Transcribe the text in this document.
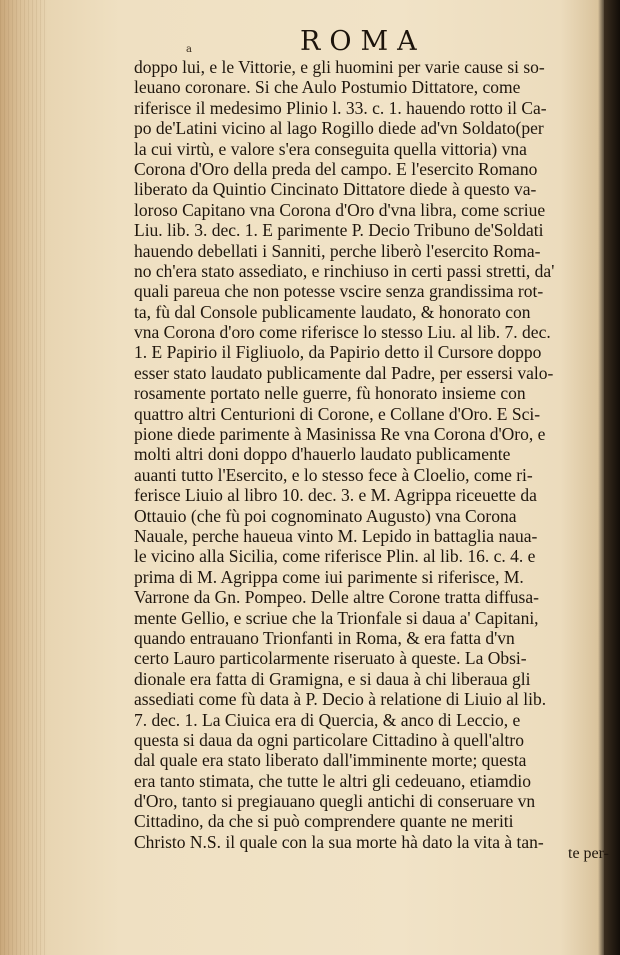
ROMA
a
doppo lui, e le Vittorie, e gli huomini per varie cause si so-
leuano coronare. Si che Aulo Postumio Dittatore, come
riferisce il medesimo Plinio l. 33. c. 1. hauendo rotto il Ca-
po de'Latini vicino al lago Rogillo diede ad'vn Soldato(per
la cui virtù, e valore s'era conseguita quella vittoria) vna
Corona d'Oro della preda del campo. E l'esercito Romano
liberato da Quintio Cincinato Dittatore diede à questo va-
loroso Capitano vna Corona d'Oro d'vna libra, come scriue
Liu. lib. 3. dec. 1. E parimente P. Decio Tribuno de'Soldati
hauendo debellati i Sanniti, perche liberò l'esercito Roma-
no ch'era stato assediato, e rinchiuso in certi passi stretti, da'
quali pareua che non potesse vscire senza grandissima rot-
ta, fù dal Console publicamente laudato, & honorato con
vna Corona d'oro come riferisce lo stesso Liu. al lib. 7. dec.
1. E Papirio il Figliuolo, da Papirio detto il Cursore doppo
esser stato laudato publicamente dal Padre, per essersi valo-
rosamente portato nelle guerre, fù honorato insieme con
quattro altri Centurioni di Corone, e Collane d'Oro. E Sci-
pione diede parimente à Masinissa Re vna Corona d'Oro, e
molti altri doni doppo d'hauerlo laudato publicamente
auanti tutto l'Esercito, e lo stesso fece à Cloelio, come ri-
ferisce Liuio al libro 10. dec. 3. e M. Agrippa riceuette da
Ottauio (che fù poi cognominato Augusto) vna Corona
Nauale, perche haueua vinto M. Lepido in battaglia naua-
le vicino alla Sicilia, come riferisce Plin. al lib. 16. c. 4. e
prima di M. Agrippa come iui parimente si riferisce, M.
Varrone da Gn. Pompeo. Delle altre Corone tratta diffusa-
mente Gellio, e scriue che la Trionfale si daua a' Capitani,
quando entrauano Trionfanti in Roma, & era fatta d'vn
certo Lauro particolarmente riseruato à queste. La Obsi-
dionale era fatta di Gramigna, e si daua à chi liberaua gli
assediati come fù data à P. Decio à relatione di Liuio al lib.
7. dec. 1. La Ciuica era di Quercia, & anco di Leccio, e
questa si daua da ogni particolare Cittadino à quell'altro
dal quale era stato liberato dall'imminente morte; questa
era tanto stimata, che tutte le altri gli cedeuano, etiamdio
d'Oro, tanto si pregiauano quegli antichi di conseruare vn
Cittadino, da che si può comprendere quante ne meriti
Christo N.S. il quale con la sua morte hà dato la vita à tan-
te per-
